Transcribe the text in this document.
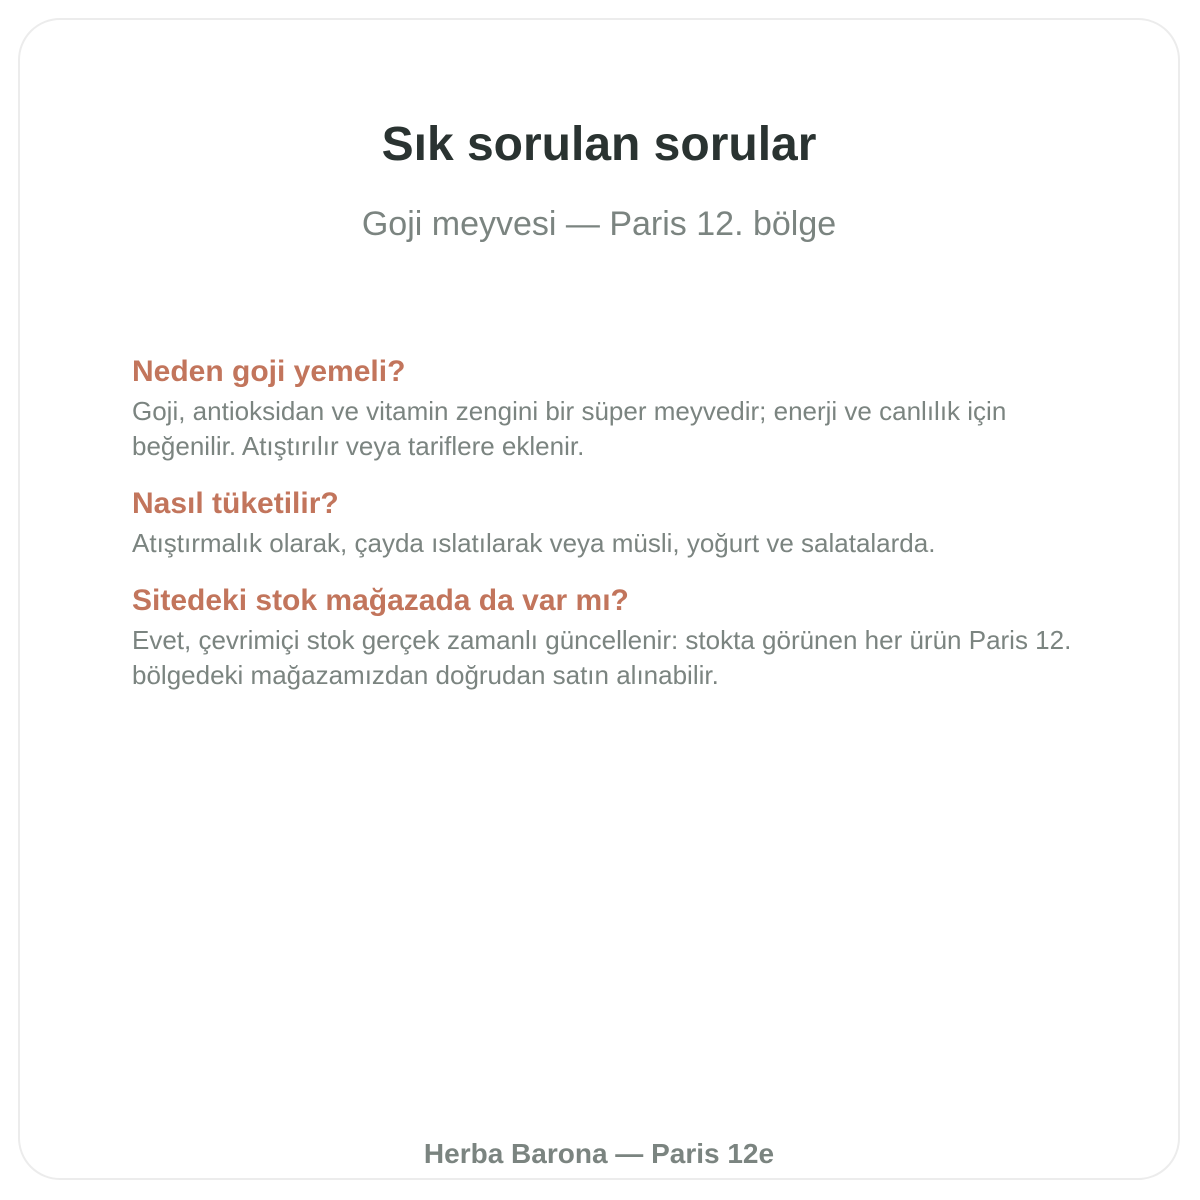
Sık sorulan sorular

Goji meyvesi — Paris 12. bölge

Neden goji yemeli?
Goji, antioksidan ve vitamin zengini bir süper meyvedir; enerji ve canlılık için beğenilir. Atıştırılır veya tariflere eklenir.
Nasıl tüketilir?
Atıştırmalık olarak, çayda ıslatılarak veya müsli, yoğurt ve salatalarda.
Sitedeki stok mağazada da var mı?
Evet, çevrimiçi stok gerçek zamanlı güncellenir: stokta görünen her ürün Paris 12. bölgedeki mağazamızdan doğrudan satın alınabilir.
Herba Barona — Paris 12e
